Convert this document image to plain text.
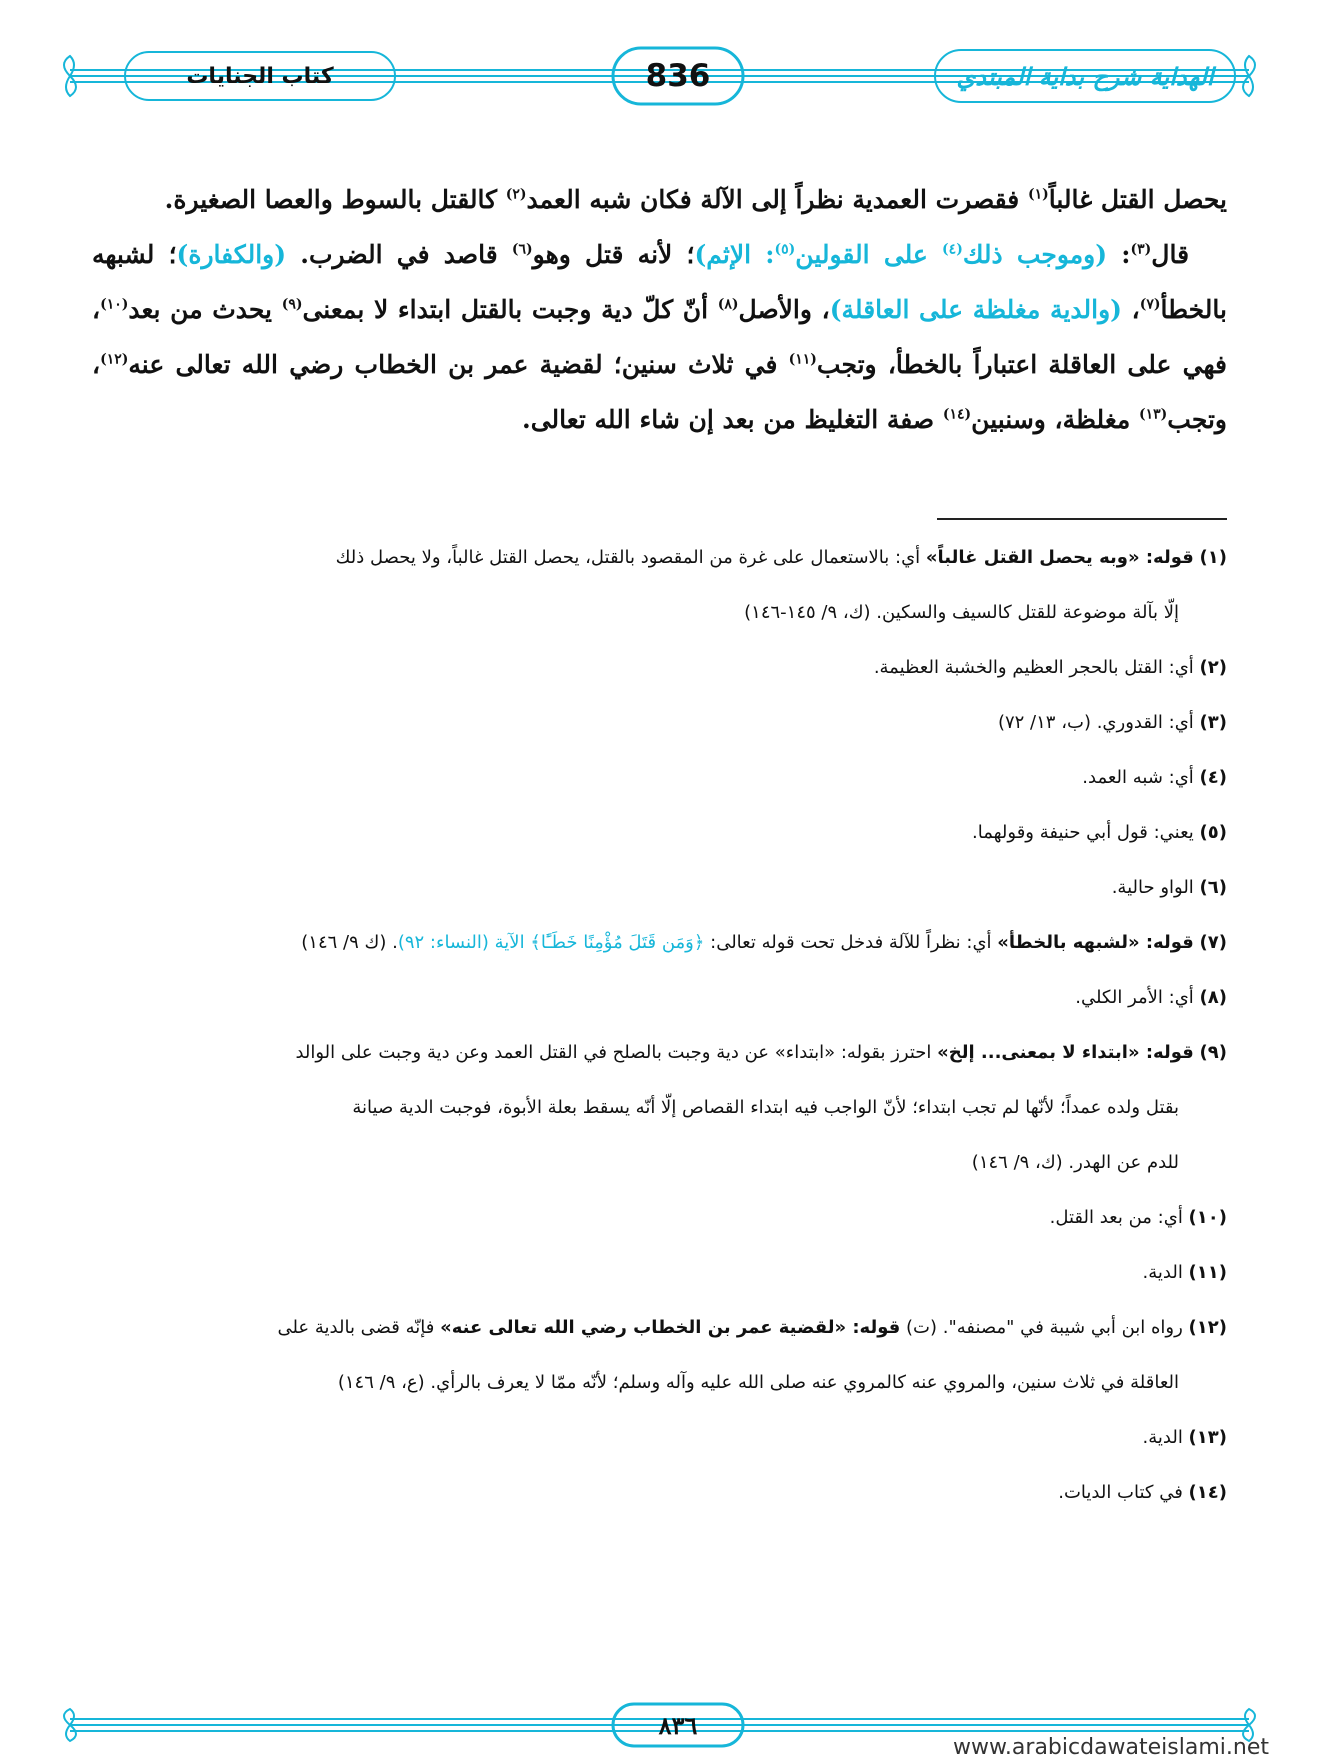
كتاب الجنايات	836	الهداية شرح بداية المبتدي

يحصل القتل غالباً$^{(١)}$ فقصرت العمدية نظراً إلى الآلة فكان شبه العمد$^{(٢)}$ كالقتل بالسوط والعصا الصغيرة.

قال$^{(٣)}$: (وموجب ذلك$^{(٤)}$ على القولين$^{(٥)}$: الإثم)؛ لأنه قتل وهو$^{(٦)}$ قاصد في الضرب. (والكفارة)؛ لشبهه بالخطأ$^{(٧)}$، (والدية مغلظة على العاقلة)، والأصل$^{(٨)}$ أنّ كلّ دية وجبت بالقتل ابتداء لا بمعنى$^{(٩)}$ يحدث من بعد$^{(١٠)}$، فهي على العاقلة اعتباراً بالخطأ، وتجب$^{(١١)}$ في ثلاث سنين؛ لقضية عمر بن الخطاب رضي الله تعالى عنه$^{(١٢)}$، وتجب$^{(١٣)}$ مغلظة، وسنبين$^{(١٤)}$ صفة التغليظ من بعد إن شاء الله تعالى.

(١) قوله: «وبه يحصل القتل غالباً» أي: بالاستعمال على غرة من المقصود بالقتل، يحصل القتل غالباً، ولا يحصل ذلك
إلّا بآلة موضوعة للقتل كالسيف والسكين. (ك، ٩/ ١٤٥-١٤٦)

(٢) أي: القتل بالحجر العظيم والخشبة العظيمة.

(٣) أي: القدوري. (ب، ١٣/ ٧٢)

(٤) أي: شبه العمد.

(٥) يعني: قول أبي حنيفة وقولهما.

(٦) الواو حالية.

(٧) قوله: «لشبهه بالخطأ» أي: نظراً للآلة فدخل تحت قوله تعالى: ﴿وَمَن قَتَلَ مُؤْمِنًا خَطَـًٔا﴾ الآية (النساء: ٩٢). (ك ٩/ ١٤٦)

(٨) أي: الأمر الكلي.

(٩) قوله: «ابتداء لا بمعنى... إلخ» احترز بقوله: «ابتداء» عن دية وجبت بالصلح في القتل العمد وعن دية وجبت على الوالد
بقتل ولده عمداً؛ لأنّها لم تجب ابتداء؛ لأنّ الواجب فيه ابتداء القصاص إلّا أنّه يسقط بعلة الأبوة، فوجبت الدية صيانة
للدم عن الهدر. (ك، ٩/ ١٤٦)

(١٠) أي: من بعد القتل.

(١١) الدية.

(١٢) رواه ابن أبي شيبة في "مصنفه". (ت) قوله: «لقضية عمر بن الخطاب رضي الله تعالى عنه» فإنّه قضى بالدية على
العاقلة في ثلاث سنين، والمروي عنه كالمروي عنه صلى الله عليه وآله وسلم؛ لأنّه ممّا لا يعرف بالرأي. (ع، ٩/ ١٤٦)

(١٣) الدية.

(١٤) في كتاب الديات.

٨٣٦
www.arabicdawateislami.net
